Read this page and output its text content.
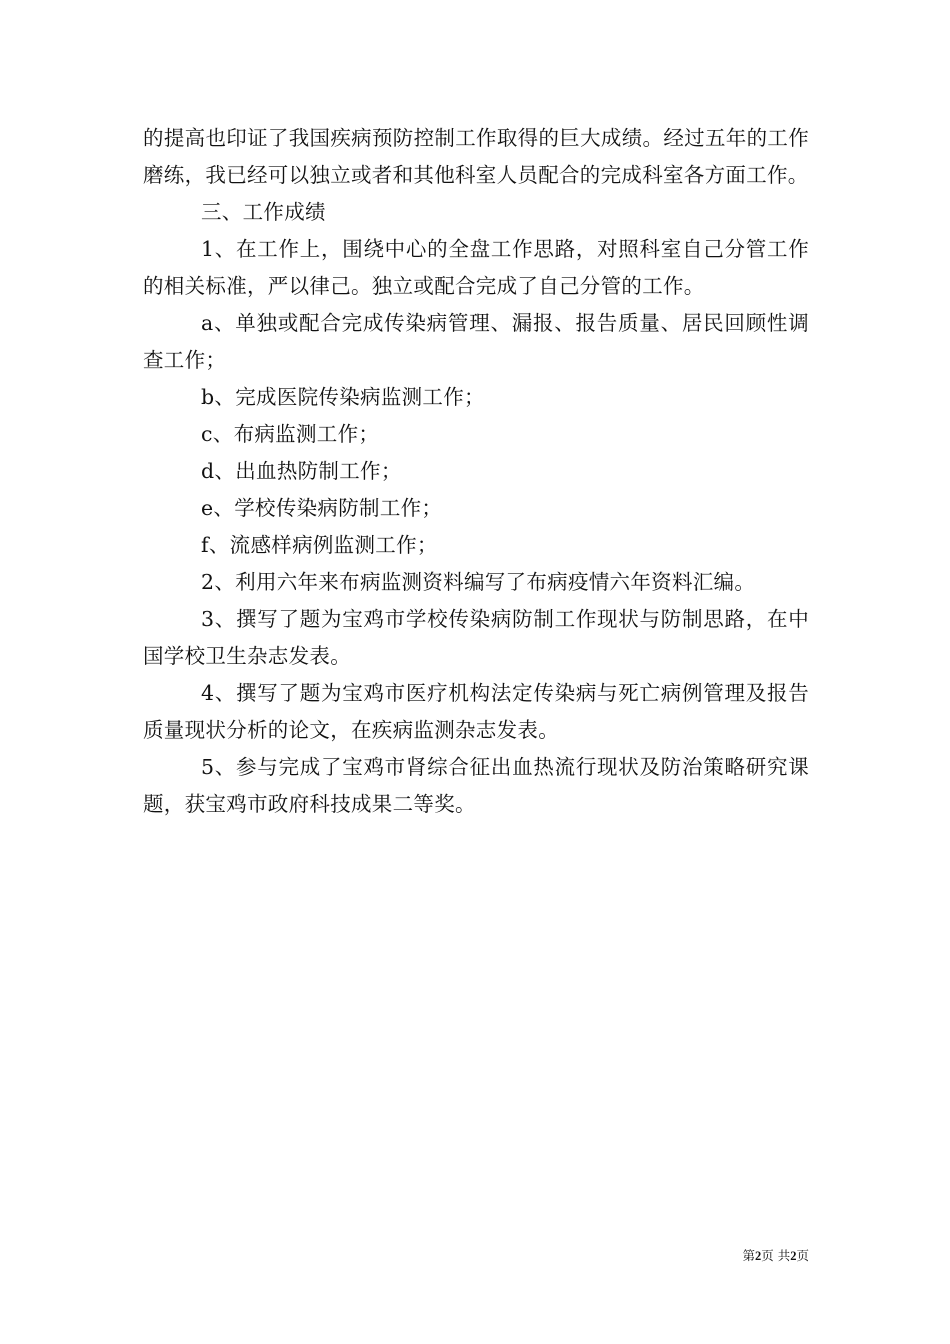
的提高也印证了我国疾病预防控制工作取得的巨大成绩。经过五年的工作磨练，我已经可以独立或者和其他科室人员配合的完成科室各方面工作。

三、工作成绩

1、在工作上，围绕中心的全盘工作思路，对照科室自己分管工作的相关标准，严以律己。独立或配合完成了自己分管的工作。

a、单独或配合完成传染病管理、漏报、报告质量、居民回顾性调查工作；

b、完成医院传染病监测工作；

c、布病监测工作；

d、出血热防制工作；

e、学校传染病防制工作；

f、流感样病例监测工作；

2、利用六年来布病监测资料编写了布病疫情六年资料汇编。

3、撰写了题为宝鸡市学校传染病防制工作现状与防制思路，在中国学校卫生杂志发表。

4、撰写了题为宝鸡市医疗机构法定传染病与死亡病例管理及报告质量现状分析的论文，在疾病监测杂志发表。

5、参与完成了宝鸡市肾综合征出血热流行现状及防治策略研究课题，获宝鸡市政府科技成果二等奖。

第2页 共2页
